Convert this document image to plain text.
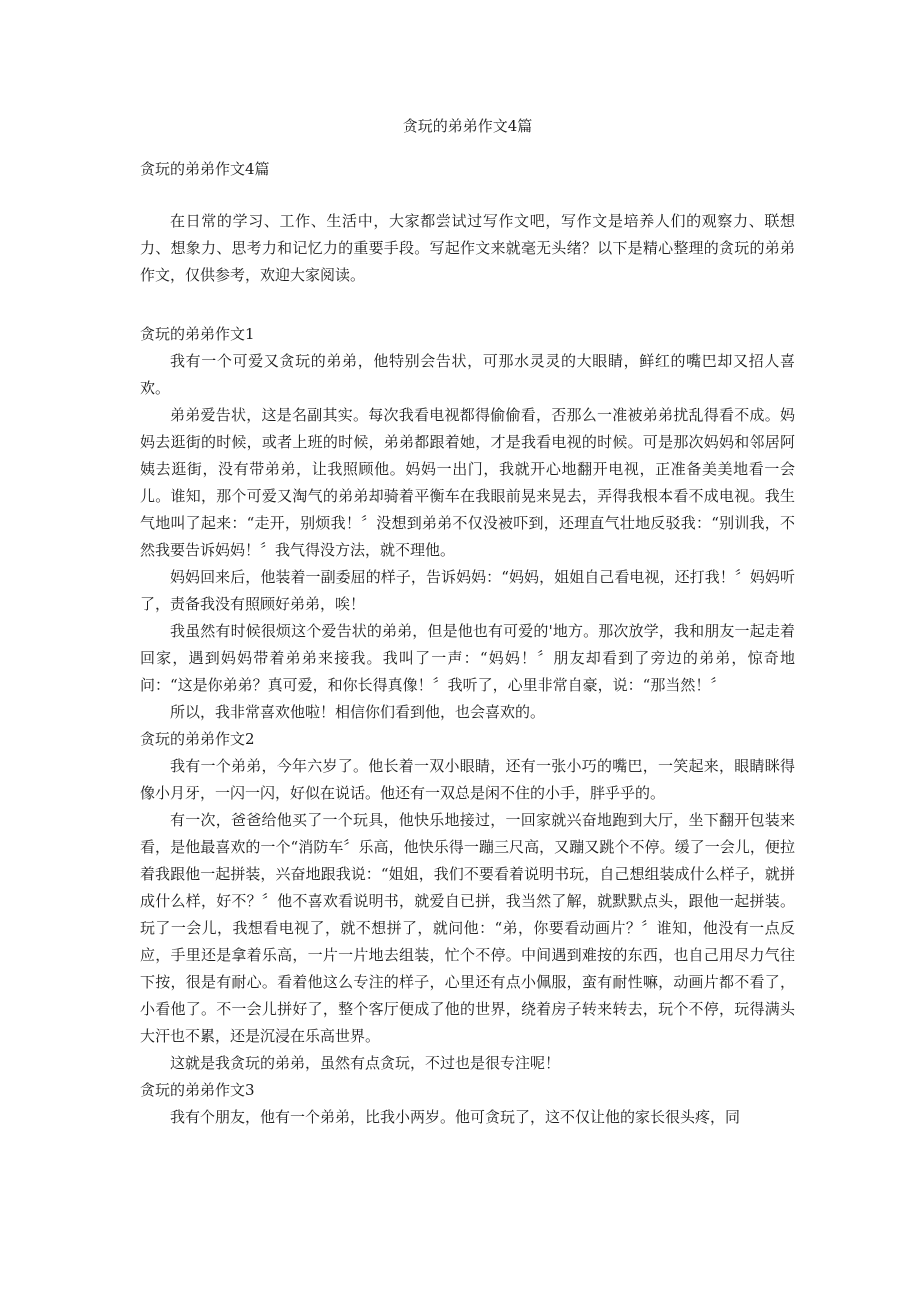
贪玩的弟弟作文4篇
贪玩的弟弟作文4篇

在日常的学习、工作、生活中，大家都尝试过写作文吧，写作文是培养人们的观察力、联想力、想象力、思考力和记忆力的重要手段。写起作文来就毫无头绪？以下是精心整理的贪玩的弟弟作文，仅供参考，欢迎大家阅读。

贪玩的弟弟作文1

我有一个可爱又贪玩的弟弟，他特别会告状，可那水灵灵的大眼睛，鲜红的嘴巴却又招人喜欢。

弟弟爱告状，这是名副其实。每次我看电视都得偷偷看，否那么一准被弟弟扰乱得看不成。妈妈去逛街的时候，或者上班的时候，弟弟都跟着她，才是我看电视的时候。可是那次妈妈和邻居阿姨去逛街，没有带弟弟，让我照顾他。妈妈一出门，我就开心地翻开电视，正准备美美地看一会儿。谁知，那个可爱又淘气的弟弟却骑着平衡车在我眼前晃来晃去，弄得我根本看不成电视。我生气地叫了起来：“走开，别烦我！〞没想到弟弟不仅没被吓到，还理直气壮地反驳我：“别训我，不然我要告诉妈妈！〞我气得没方法，就不理他。

妈妈回来后，他装着一副委屈的样子，告诉妈妈：“妈妈，姐姐自己看电视，还打我！〞妈妈听了，责备我没有照顾好弟弟，唉！

我虽然有时候很烦这个爱告状的弟弟，但是他也有可爱的'地方。那次放学，我和朋友一起走着回家，遇到妈妈带着弟弟来接我。我叫了一声：“妈妈！〞朋友却看到了旁边的弟弟，惊奇地问：“这是你弟弟？真可爱，和你长得真像！〞我听了，心里非常自豪，说：“那当然！〞

所以，我非常喜欢他啦！相信你们看到他，也会喜欢的。

贪玩的弟弟作文2

我有一个弟弟，今年六岁了。他长着一双小眼睛，还有一张小巧的嘴巴，一笑起来，眼睛眯得像小月牙，一闪一闪，好似在说话。他还有一双总是闲不住的小手，胖乎乎的。

有一次，爸爸给他买了一个玩具，他快乐地接过，一回家就兴奋地跑到大厅，坐下翻开包装来看，是他最喜欢的一个“消防车〞乐高，他快乐得一蹦三尺高，又蹦又跳个不停。缓了一会儿，便拉着我跟他一起拼装，兴奋地跟我说：“姐姐，我们不要看着说明书玩，自己想组装成什么样子，就拼成什么样，好不？〞他不喜欢看说明书，就爱自已拼，我当然了解，就默默点头，跟他一起拼装。玩了一会儿，我想看电视了，就不想拼了，就问他：“弟，你要看动画片？〞谁知，他没有一点反应，手里还是拿着乐高，一片一片地去组装，忙个不停。中间遇到难按的东西，也自己用尽力气往下按，很是有耐心。看着他这么专注的样子，心里还有点小佩服，蛮有耐性嘛，动画片都不看了，小看他了。不一会儿拼好了，整个客厅便成了他的世界，绕着房子转来转去，玩个不停，玩得满头大汗也不累，还是沉浸在乐高世界。

这就是我贪玩的弟弟，虽然有点贪玩，不过也是很专注呢！

贪玩的弟弟作文3

我有个朋友，他有一个弟弟，比我小两岁。他可贪玩了，这不仅让他的家长很头疼，同
